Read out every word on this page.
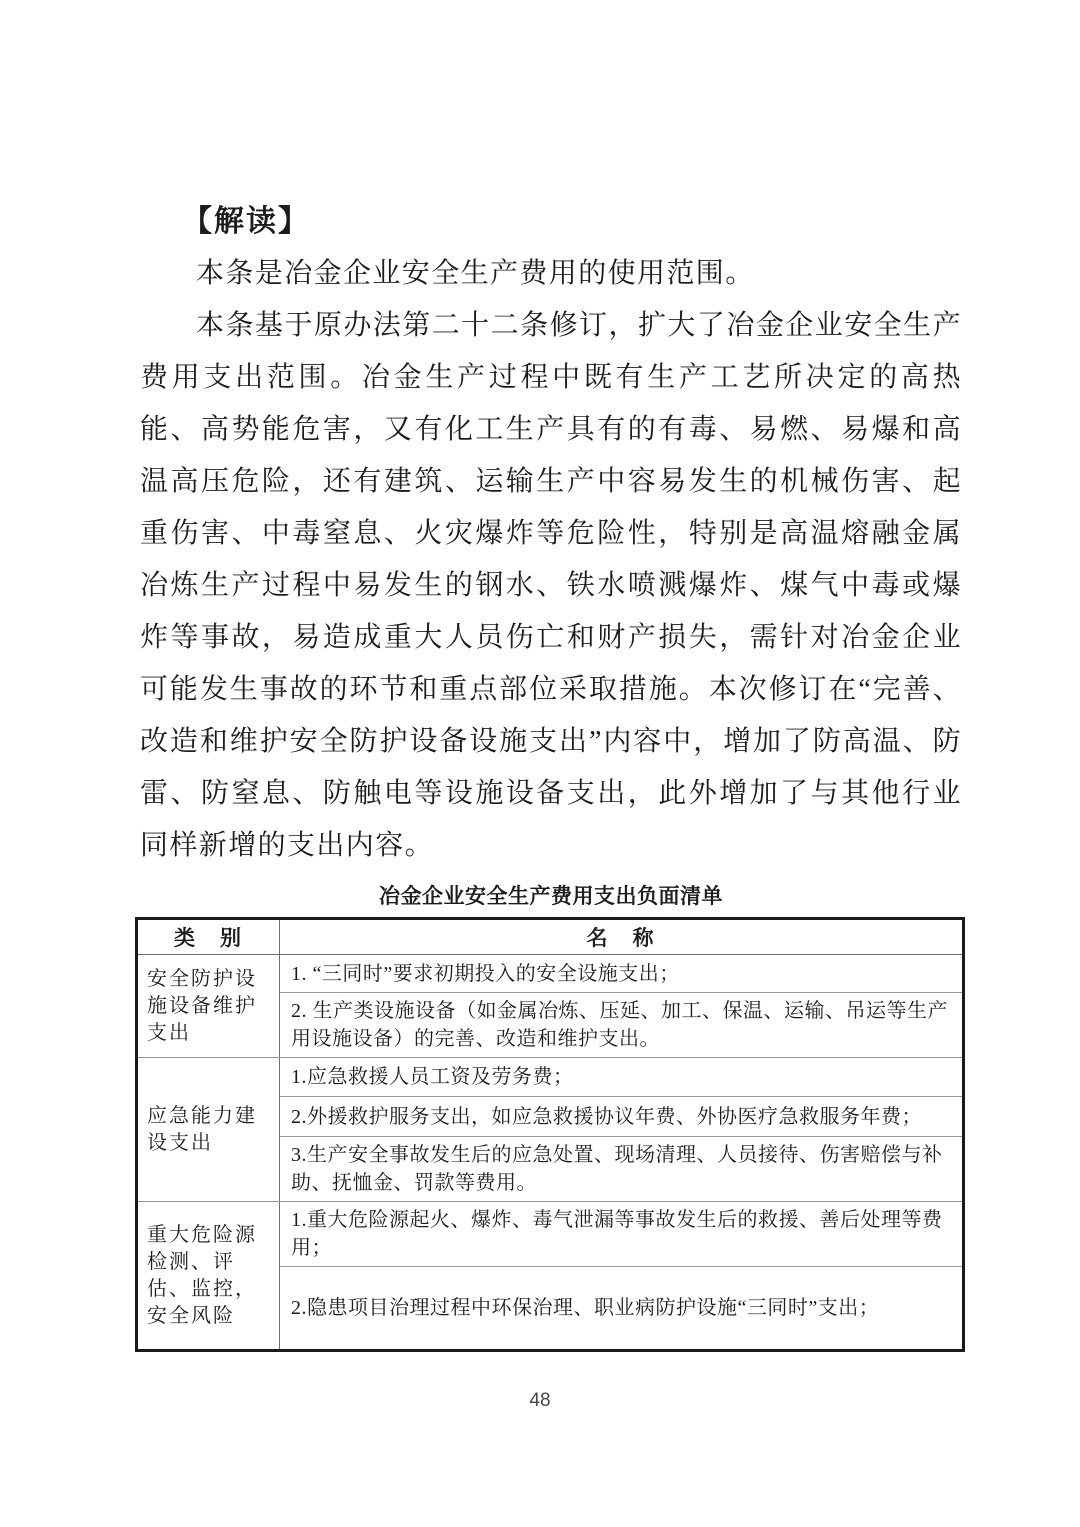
【解读】

本条是冶金企业安全生产费用的使用范围。

本条基于原办法第二十二条修订，扩大了冶金企业安全生产费用支出范围。冶金生产过程中既有生产工艺所决定的高热能、高势能危害，又有化工生产具有的有毒、易燃、易爆和高温高压危险，还有建筑、运输生产中容易发生的机械伤害、起重伤害、中毒窒息、火灾爆炸等危险性，特别是高温熔融金属冶炼生产过程中易发生的钢水、铁水喷溅爆炸、煤气中毒或爆炸等事故，易造成重大人员伤亡和财产损失，需针对冶金企业可能发生事故的环节和重点部位采取措施。本次修订在“完善、改造和维护安全防护设备设施支出”内容中，增加了防高温、防雷、防窒息、防触电等设施设备支出，此外增加了与其他行业同样新增的支出内容。

冶金企业安全生产费用支出负面清单
类　别	名　称
安全防护设施设备维护支出	1. “三同时”要求初期投入的安全设施支出；
	2. 生产类设施设备（如金属冶炼、压延、加工、保温、运输、吊运等生产用设施设备）的完善、改造和维护支出。
应急能力建设支出	1.应急救援人员工资及劳务费；
	2.外援救护服务支出，如应急救援协议年费、外协医疗急救服务年费；
	3.生产安全事故发生后的应急处置、现场清理、人员接待、伤害赔偿与补助、抚恤金、罚款等费用。
重大危险源检测、评估、监控，安全风险	1.重大危险源起火、爆炸、毒气泄漏等事故发生后的救援、善后处理等费用；
	2.隐患项目治理过程中环保治理、职业病防护设施“三同时”支出；
48
